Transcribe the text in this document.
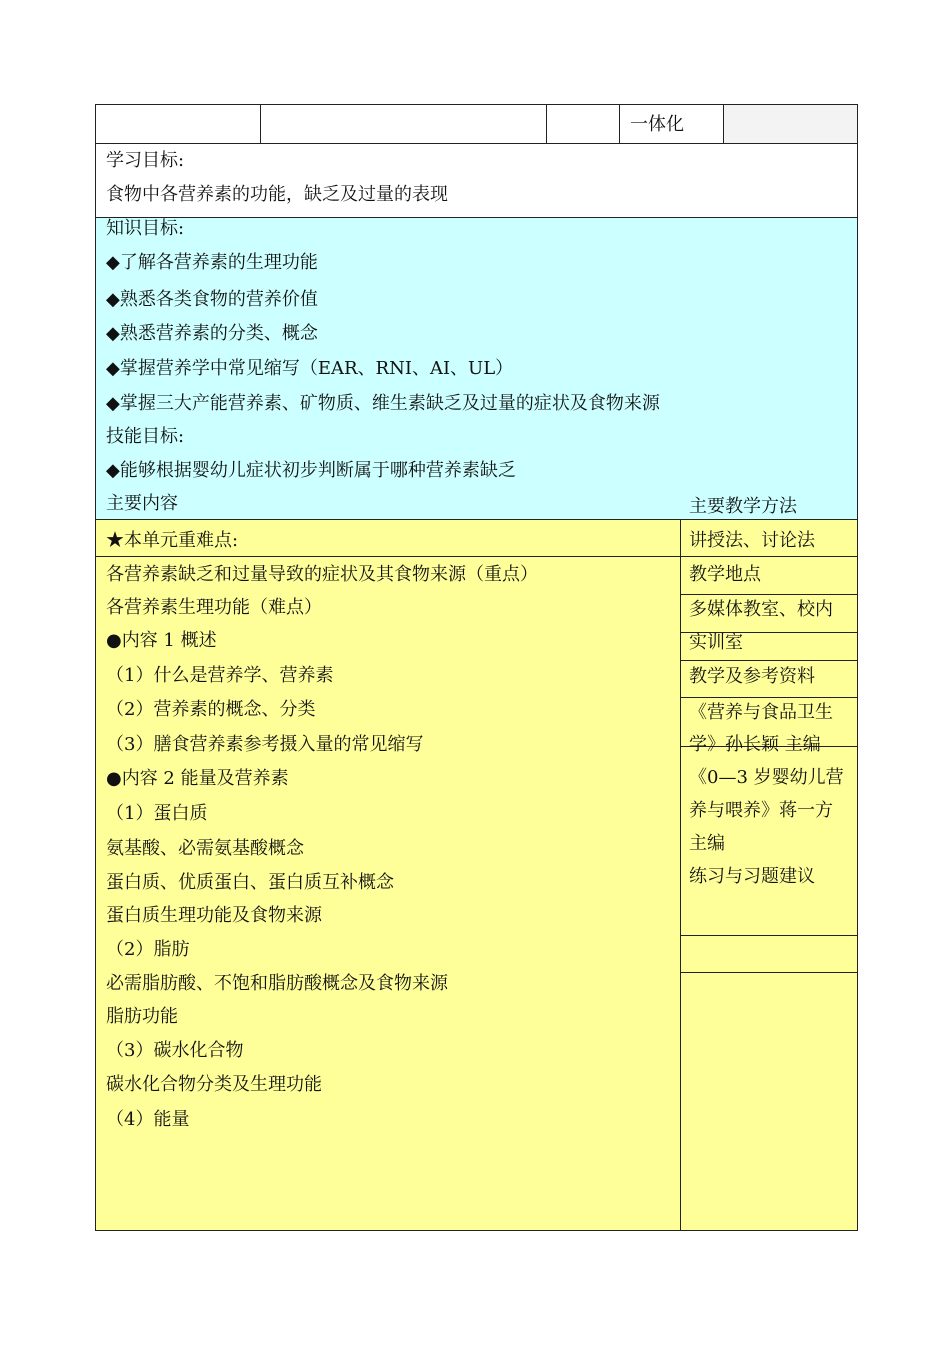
一体化
学习目标:
食物中各营养素的功能，缺乏及过量的表现
知识目标:
◆了解各营养素的生理功能
◆熟悉各类食物的营养价值
◆熟悉营养素的分类、概念
◆掌握营养学中常见缩写（EAR、RNI、AI、UL）
◆掌握三大产能营养素、矿物质、维生素缺乏及过量的症状及食物来源
技能目标:
◆能够根据婴幼儿症状初步判断属于哪种营养素缺乏
主要内容	主要教学方法
★本单元重难点:
各营养素缺乏和过量导致的症状及其食物来源（重点）
各营养素生理功能（难点）
●内容 1 概述
（1）什么是营养学、营养素
（2）营养素的概念、分类
（3）膳食营养素参考摄入量的常见缩写
●内容 2 能量及营养素
（1）蛋白质
氨基酸、必需氨基酸概念
蛋白质、优质蛋白、蛋白质互补概念
蛋白质生理功能及食物来源
（2）脂肪
必需脂肪酸、不饱和脂肪酸概念及食物来源
脂肪功能
（3）碳水化合物
碳水化合物分类及生理功能
（4）能量
讲授法、讨论法
教学地点
多媒体教室、校内
实训室
教学及参考资料
《营养与食品卫生
学》孙长颖 主编
《0—3 岁婴幼儿营
养与喂养》蒋一方
主编
练习与习题建议
